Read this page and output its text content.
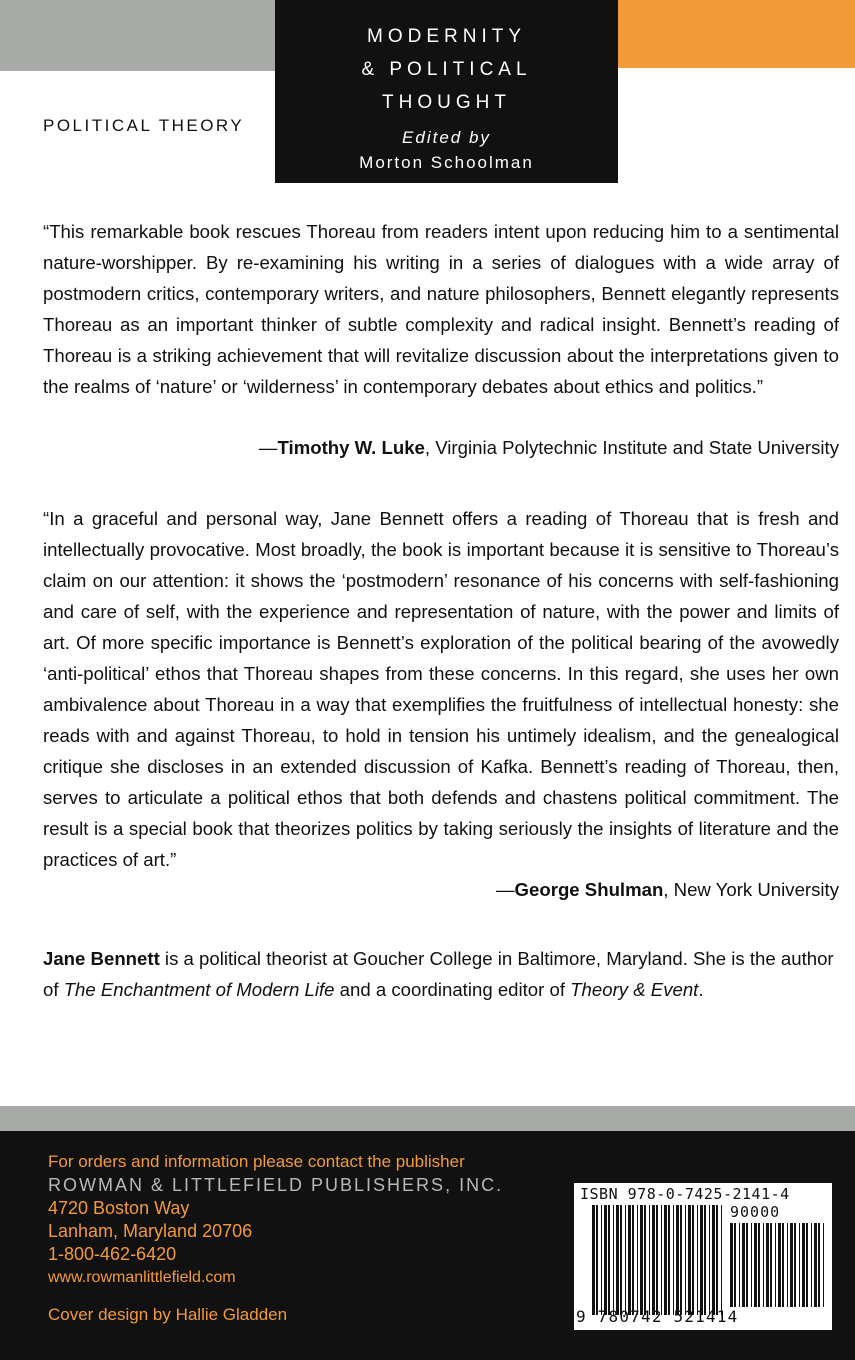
MODERNITY
& POLITICAL
THOUGHT
Edited by
Morton Schoolman
POLITICAL THEORY
“This remarkable book rescues Thoreau from readers intent upon reducing him to a sentimental nature-worshipper. By re-examining his writing in a series of dialogues with a wide array of postmodern critics, contemporary writers, and nature philosophers, Bennett elegantly represents Thoreau as an important thinker of subtle complexity and radical insight. Bennett’s reading of Thoreau is a striking achievement that will revitalize discussion about the interpretations given to the realms of ‘nature’ or ‘wilderness’ in contemporary debates about ethics and politics.”
—Timothy W. Luke, Virginia Polytechnic Institute and State University
“In a graceful and personal way, Jane Bennett offers a reading of Thoreau that is fresh and intellectually provocative. Most broadly, the book is important because it is sensitive to Thoreau’s claim on our attention: it shows the ‘postmodern’ resonance of his concerns with self-fashioning and care of self, with the experience and representation of nature, with the power and limits of art. Of more specific importance is Bennett’s exploration of the political bearing of the avowedly ‘anti-political’ ethos that Thoreau shapes from these concerns. In this regard, she uses her own ambivalence about Thoreau in a way that exemplifies the fruitfulness of intellectual honesty: she reads with and against Thoreau, to hold in tension his untimely idealism, and the genealogical critique she discloses in an extended discussion of Kafka. Bennett’s reading of Thoreau, then, serves to articulate a political ethos that both defends and chastens political commitment. The result is a special book that theorizes politics by taking seriously the insights of literature and the practices of art.”
—George Shulman, New York University
Jane Bennett is a political theorist at Goucher College in Baltimore, Maryland. She is the author of The Enchantment of Modern Life and a coordinating editor of Theory & Event.
For orders and information please contact the publisher
ROWMAN & LITTLEFIELD PUBLISHERS, INC.
4720 Boston Way
Lanham, Maryland 20706
1-800-462-6420
www.rowmanlittlefield.com
Cover design by Hallie Gladden
ISBN 978-0-7425-2141-4
90000
9 780742 521414
